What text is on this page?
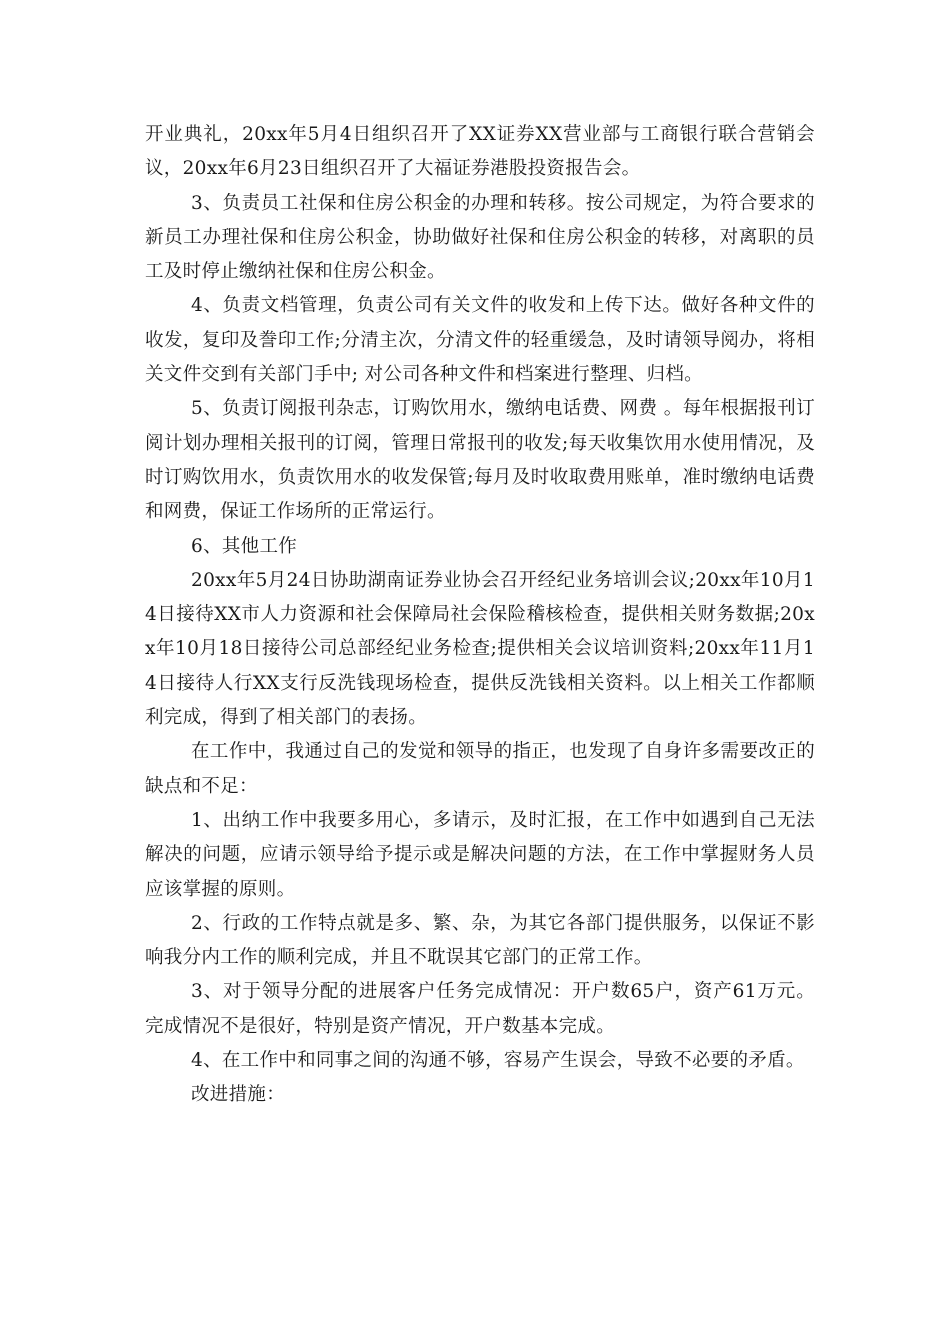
开业典礼，20xx年5月4日组织召开了XX证券XX营业部与工商银行联合营销会议，20xx年6月23日组织召开了大福证券港股投资报告会。

3、负责员工社保和住房公积金的办理和转移。按公司规定，为符合要求的新员工办理社保和住房公积金，协助做好社保和住房公积金的转移，对离职的员工及时停止缴纳社保和住房公积金。

4、负责文档管理，负责公司有关文件的收发和上传下达。做好各种文件的收发，复印及誊印工作;分清主次，分清文件的轻重缓急，及时请领导阅办，将相关文件交到有关部门手中; 对公司各种文件和档案进行整理、归档。

5、负责订阅报刊杂志，订购饮用水，缴纳电话费、网费 。每年根据报刊订阅计划办理相关报刊的订阅，管理日常报刊的收发;每天收集饮用水使用情况，及时订购饮用水，负责饮用水的收发保管;每月及时收取费用账单，准时缴纳电话费和网费，保证工作场所的正常运行。

6、其他工作

20xx年5月24日协助湖南证券业协会召开经纪业务培训会议;20xx年10月14日接待XX市人力资源和社会保障局社会保险稽核检查，提供相关财务数据;20xx年10月18日接待公司总部经纪业务检查;提供相关会议培训资料;20xx年11月14日接待人行XX支行反洗钱现场检查，提供反洗钱相关资料。以上相关工作都顺利完成，得到了相关部门的表扬。

在工作中，我通过自己的发觉和领导的指正，也发现了自身许多需要改正的缺点和不足：

1、出纳工作中我要多用心，多请示，及时汇报，在工作中如遇到自己无法解决的问题，应请示领导给予提示或是解决问题的方法，在工作中掌握财务人员应该掌握的原则。

2、行政的工作特点就是多、繁、杂，为其它各部门提供服务，以保证不影响我分内工作的顺利完成，并且不耽误其它部门的正常工作。

3、对于领导分配的进展客户任务完成情况：开户数65户，资产61万元。完成情况不是很好，特别是资产情况，开户数基本完成。

4、在工作中和同事之间的沟通不够，容易产生误会，导致不必要的矛盾。

改进措施：
